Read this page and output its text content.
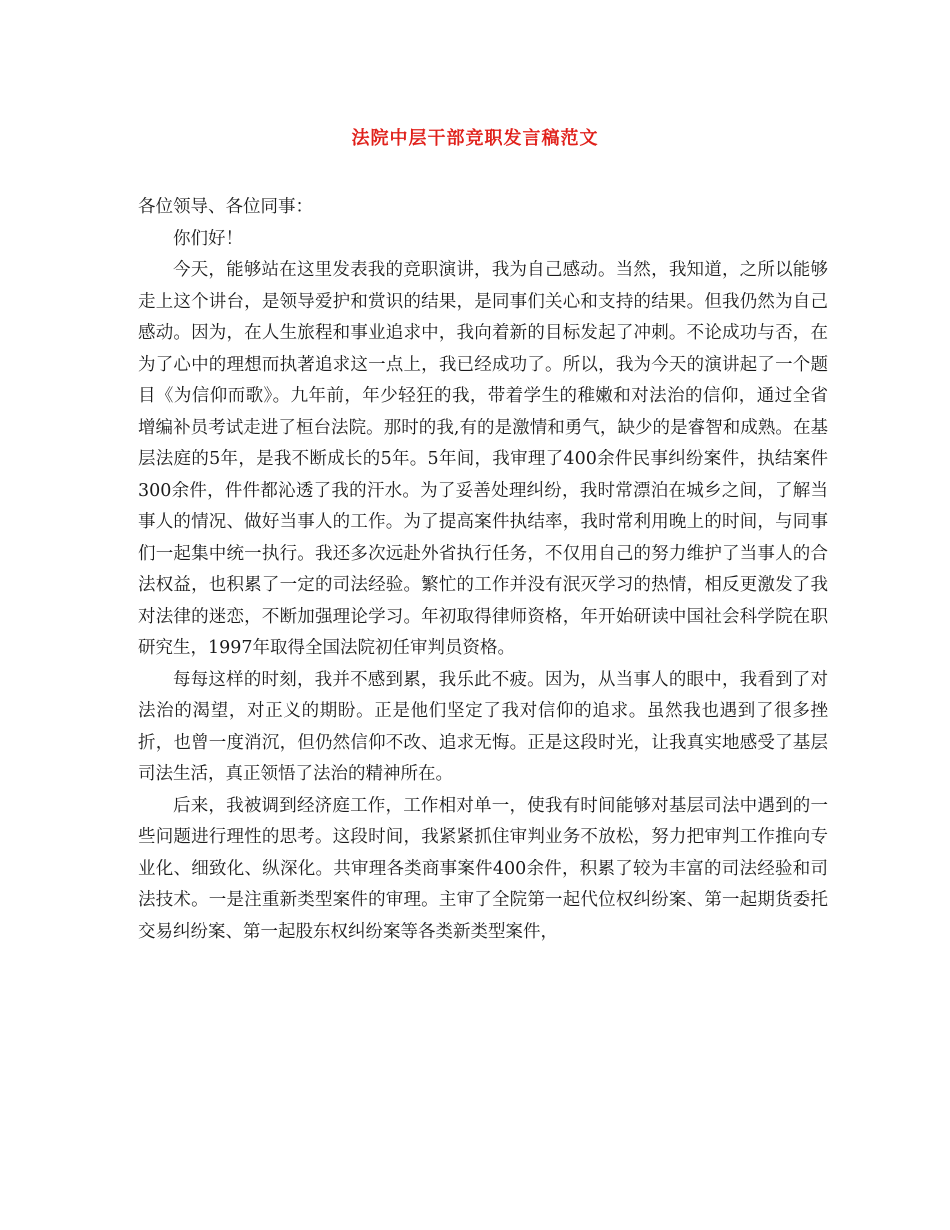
法院中层干部竞职发言稿范文

各位领导、各位同事：

你们好！

今天，能够站在这里发表我的竞职演讲，我为自己感动。当然，我知道，之所以能够走上这个讲台，是领导爱护和赏识的结果，是同事们关心和支持的结果。但我仍然为自己感动。因为，在人生旅程和事业追求中，我向着新的目标发起了冲刺。不论成功与否，在为了心中的理想而执著追求这一点上，我已经成功了。所以，我为今天的演讲起了一个题目《为信仰而歌》。九年前，年少轻狂的我，带着学生的稚嫩和对法治的信仰，通过全省增编补员考试走进了桓台法院。那时的我,有的是激情和勇气，缺少的是睿智和成熟。在基层法庭的5年，是我不断成长的5年。5年间，我审理了400余件民事纠纷案件，执结案件300余件，件件都沁透了我的汗水。为了妥善处理纠纷，我时常漂泊在城乡之间，了解当事人的情况、做好当事人的工作。为了提高案件执结率，我时常利用晚上的时间，与同事们一起集中统一执行。我还多次远赴外省执行任务，不仅用自己的努力维护了当事人的合法权益，也积累了一定的司法经验。繁忙的工作并没有泯灭学习的热情，相反更激发了我对法律的迷恋，不断加强理论学习。年初取得律师资格，年开始研读中国社会科学院在职研究生，1997年取得全国法院初任审判员资格。

每每这样的时刻，我并不感到累，我乐此不疲。因为，从当事人的眼中，我看到了对法治的渴望，对正义的期盼。正是他们坚定了我对信仰的追求。虽然我也遇到了很多挫折，也曾一度消沉，但仍然信仰不改、追求无悔。正是这段时光，让我真实地感受了基层司法生活，真正领悟了法治的精神所在。

后来，我被调到经济庭工作，工作相对单一，使我有时间能够对基层司法中遇到的一些问题进行理性的思考。这段时间，我紧紧抓住审判业务不放松，努力把审判工作推向专业化、细致化、纵深化。共审理各类商事案件400余件，积累了较为丰富的司法经验和司法技术。一是注重新类型案件的审理。主审了全院第一起代位权纠纷案、第一起期货委托交易纠纷案、第一起股东权纠纷案等各类新类型案件，
